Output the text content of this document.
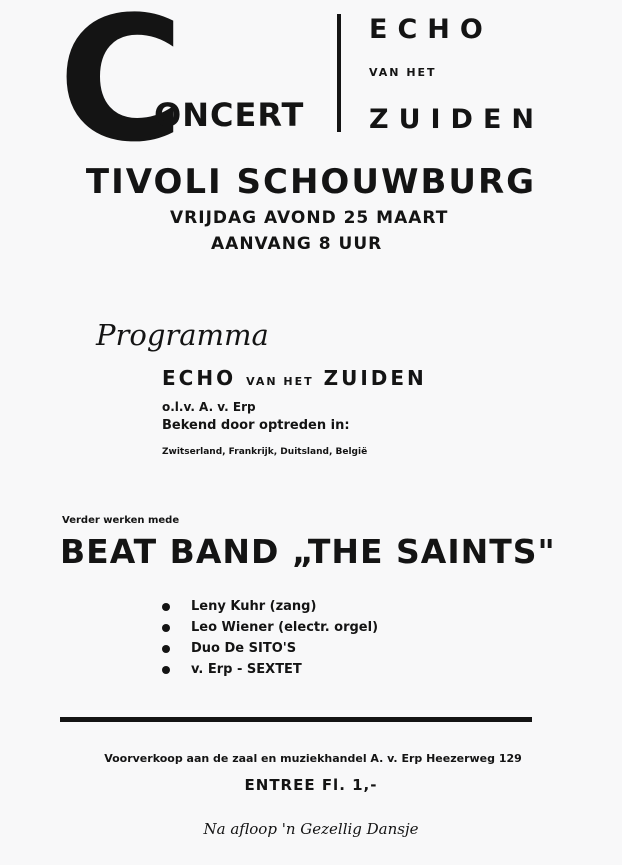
C
ONCERT
ECHO
VAN HET
ZUIDEN
TIVOLI SCHOUWBURG
VRIJDAG AVOND 25 MAART
AANVANG 8 UUR
Programma
ECHO VAN HET ZUIDEN
o.l.v. A. v. Erp
Bekend door optreden in:
Zwitserland, Frankrijk, Duitsland, België
Verder werken mede
BEAT BAND „THE SAINTS"
Leny Kuhr (zang)
Leo Wiener (electr. orgel)
Duo De SITO'S
v. Erp - SEXTET
Voorverkoop aan de zaal en muziekhandel A. v. Erp Heezerweg 129
ENTREE Fl. 1,-
Na afloop 'n Gezellig Dansje
